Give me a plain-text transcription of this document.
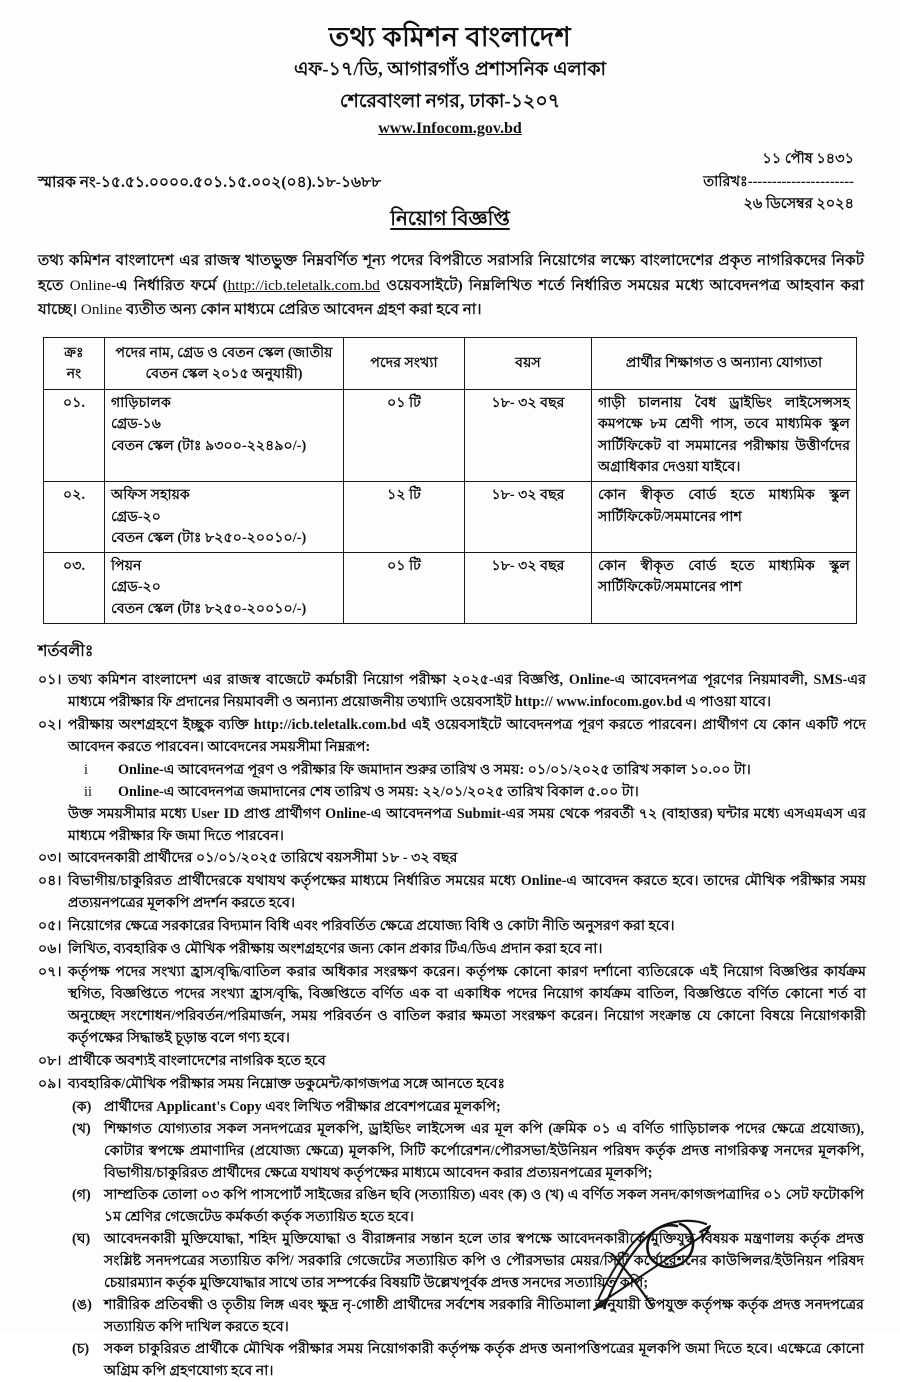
তথ্য কমিশন বাংলাদেশ
এফ-১৭/ডি, আগারগাঁও প্রশাসনিক এলাকা
শেরেবাংলা নগর, ঢাকা-১২০৭
www.Infocom.gov.bd
স্মারক নং-১৫.৫১.০০০০.৫০১.১৫.০০২(০৪).১৮-১৬৮৮
১১ পৌষ ১৪৩১
তারিখঃ----------------------
২৬ ডিসেম্বর ২০২৪
নিয়োগ বিজ্ঞপ্তি

তথ্য কমিশন বাংলাদেশ এর রাজস্ব খাতভুক্ত নিম্নবর্ণিত শূন্য পদের বিপরীতে সরাসরি নিয়োগের লক্ষ্যে বাংলাদেশের প্রকৃত নাগরিকদের নিকট হতে Online-এ নির্ধারিত ফর্মে (http://icb.teletalk.com.bd ওয়েবসাইটে) নিম্নলিখিত শর্তে নির্ধারিত সময়ের মধ্যে আবেদনপত্র আহবান করা যাচ্ছে। Online ব্যতীত অন্য কোন মাধ্যমে প্রেরিত আবেদন গ্রহণ করা হবে না।

ক্রঃ
নং	পদের নাম, গ্রেড ও বেতন স্কেল (জাতীয় বেতন স্কেল ২০১৫ অনুযায়ী)	পদের সংখ্যা	বয়স	প্রার্থীর শিক্ষাগত ও অন্যান্য যোগ্যতা
০১.	গাড়িচালক
গ্রেড-১৬
বেতন স্কেল (টাঃ ৯৩০০-২২৪৯০/-)	০১ টি	১৮- ৩২ বছর	গাড়ী চালনায় বৈধ ড্রাইভিং লাইসেন্সসহ কমপক্ষে ৮ম শ্রেণী পাস, তবে মাধ্যমিক স্কুল সার্টিফিকেট বা সমমানের পরীক্ষায় উত্তীর্ণদের অগ্রাধিকার দেওয়া যাইবে।

০২.	অফিস সহায়ক
গ্রেড-২০
বেতন স্কেল (টাঃ ৮২৫০-২০০১০/-)	১২ টি	১৮- ৩২ বছর	কোন স্বীকৃত বোর্ড হতে মাধ্যমিক স্কুল সার্টিফিকেট/সমমানের পাশ

০৩.	পিয়ন
গ্রেড-২০
বেতন স্কেল (টাঃ ৮২৫০-২০০১০/-)	০১ টি	১৮- ৩২ বছর	কোন স্বীকৃত বোর্ড হতে মাধ্যমিক স্কুল সার্টিফিকেট/সমমানের পাশ
শর্তবলীঃ
০১। তথ্য কমিশন বাংলাদেশ এর রাজস্ব বাজেটে কর্মচারী নিয়োগ পরীক্ষা ২০২৫-এর বিজ্ঞপ্তি, Online-এ আবেদনপত্র পূরণের নিয়মাবলী, SMS-এর মাধ্যমে পরীক্ষার ফি প্রদানের নিয়মাবলী ও অন্যান্য প্রয়োজনীয় তথ্যাদি ওয়েবসাইট http:// www.infocom.gov.bd এ পাওয়া যাবে।
০২। পরীক্ষায় অংশগ্রহণে ইচ্ছুক ব্যক্তি http://icb.teletalk.com.bd এই ওয়েবসাইটে আবেদনপত্র পূরণ করতে পারবেন। প্রার্থীগণ যে কোন একটি পদে আবেদন করতে পারবেন। আবেদনের সময়সীমা নিম্নরূপ:
i	Online-এ আবেদনপত্র পূরণ ও পরীক্ষার ফি জমাদান শুরুর তারিখ ও সময়: ০১/০১/২০২৫ তারিখ সকাল ১০.০০ টা।
ii	Online-এ আবেদনপত্র জমাদানের শেষ তারিখ ও সময়: ২২/০১/২০২৫ তারিখ বিকাল ৫.০০ টা।
উক্ত সময়সীমার মধ্যে User ID প্রাপ্ত প্রার্থীগণ Online-এ আবেদনপত্র Submit-এর সময় থেকে পরবর্তী ৭২ (বাহাত্তর) ঘন্টার মধ্যে এসএমএস এর মাধ্যমে পরীক্ষার ফি জমা দিতে পারবেন।
০৩। আবেদনকারী প্রার্থীদের ০১/০১/২০২৫ তারিখে বয়সসীমা ১৮ - ৩২ বছর
০৪। বিভাগীয়/চাকুরিরত প্রার্থীদেরকে যথাযথ কর্তৃপক্ষের মাধ্যমে নির্ধারিত সময়ের মধ্যে Online-এ আবেদন করতে হবে। তাদের মৌখিক পরীক্ষার সময় প্রত্যয়নপত্রের মূলকপি প্রদর্শন করতে হবে।
০৫। নিয়োগের ক্ষেত্রে সরকারের বিদ্যমান বিধি এবং পরিবর্তিত ক্ষেত্রে প্রযোজ্য বিধি ও কোটা নীতি অনুসরণ করা হবে।
০৬। লিখিত, ব্যবহারিক ও মৌখিক পরীক্ষায় অংশগ্রহণের জন্য কোন প্রকার টিএ/ডিএ প্রদান করা হবে না।
০৭। কর্তৃপক্ষ পদের সংখ্যা হ্রাস/বৃদ্ধি/বাতিল করার অধিকার সংরক্ষণ করেন। কর্তৃপক্ষ কোনো কারণ দর্শানো ব্যতিরেকে এই নিয়োগ বিজ্ঞপ্তির কার্যক্রম স্থগিত, বিজ্ঞপ্তিতে পদের সংখ্যা হ্রাস/বৃদ্ধি, বিজ্ঞপ্তিতে বর্ণিত এক বা একাধিক পদের নিয়োগ কার্যক্রম বাতিল, বিজ্ঞপ্তিতে বর্ণিত কোনো শর্ত বা অনুচ্ছেদ সংশোধন/পরিবর্তন/পরিমার্জন, সময় পরিবর্তন ও বাতিল করার ক্ষমতা সংরক্ষণ করেন। নিয়োগ সংক্রান্ত যে কোনো বিষয়ে নিয়োগকারী কর্তৃপক্ষের সিদ্ধান্তই চূড়ান্ত বলে গণ্য হবে।
০৮। প্রার্থীকে অবশ্যই বাংলাদেশের নাগরিক হতে হবে
০৯। ব্যবহারিক/মৌখিক পরীক্ষার সময় নিম্নোক্ত ডকুমেন্ট/কাগজপত্র সঙ্গে আনতে হবেঃ
(ক) প্রার্থীদের Applicant's Copy এবং লিখিত পরীক্ষার প্রবেশপত্রের মূলকপি;
(খ) শিক্ষাগত যোগ্যতার সকল সনদপত্রের মূলকপি, ড্রাইভিং লাইসেন্স এর মূল কপি (ক্রমিক ০১ এ বর্ণিত গাড়িচালক পদের ক্ষেত্রে প্রযোজ্য), কোটার স্বপক্ষে প্রমাণাদির (প্রযোজ্য ক্ষেত্রে) মূলকপি, সিটি কর্পোরেশন/পৌরসভা/ইউনিয়ন পরিষদ কর্তৃক প্রদত্ত নাগরিকত্ব সনদের মূলকপি, বিভাগীয়/চাকুরিরত প্রার্থীদের ক্ষেত্রে যথাযথ কর্তৃপক্ষের মাধ্যমে আবেদন করার প্রত্যয়নপত্রের মূলকপি;
(গ) সাম্প্রতিক তোলা ০৩ কপি পাসপোর্ট সাইজের রঙিন ছবি (সত্যায়িত) এবং (ক) ও (খ) এ বর্ণিত সকল সনদ/কাগজপত্রাদির ০১ সেট ফটোকপি ১ম শ্রেণির গেজেটেড কর্মকর্তা কর্তৃক সত্যায়িত হতে হবে।
(ঘ) আবেদনকারী মুক্তিযোদ্ধা, শহিদ মুক্তিযোদ্ধা ও বীরাঙ্গনার সন্তান হলে তার স্বপক্ষে আবেদনকারীকে মুক্তিযুদ্ধ বিষয়ক মন্ত্রণালয় কর্তৃক প্রদত্ত সংশ্লিষ্ট সনদপত্রের সত্যায়িত কপি/ সরকারি গেজেটের সত্যায়িত কপি ও পৌরসভার মেয়র/সিটি কর্পোরেশনের কাউন্সিলর/ইউনিয়ন পরিষদ চেয়ারম্যান কর্তৃক মুক্তিযোদ্ধার সাথে তার সম্পর্কের বিষয়টি উল্লেখপূর্বক প্রদত্ত সনদের সত্যায়িত কপি;
(ঙ) শারীরিক প্রতিবন্ধী ও তৃতীয় লিঙ্গ এবং ক্ষুদ্র নৃ-গোষ্ঠী প্রার্থীদের সর্বশেষ সরকারি নীতিমালা অনুযায়ী উপযুক্ত কর্তৃপক্ষ কর্তৃক প্রদত্ত সনদপত্রের সত্যায়িত কপি দাখিল করতে হবে।
(চ)	সকল চাকুরিরত প্রার্থীকে মৌখিক পরীক্ষার সময় নিয়োগকারী কর্তৃপক্ষ কর্তৃক প্রদত্ত অনাপত্তিপত্রের মূলকপি জমা দিতে হবে। এক্ষেত্রে কোনো অগ্রিম কপি গ্রহণযোগ্য হবে না।
